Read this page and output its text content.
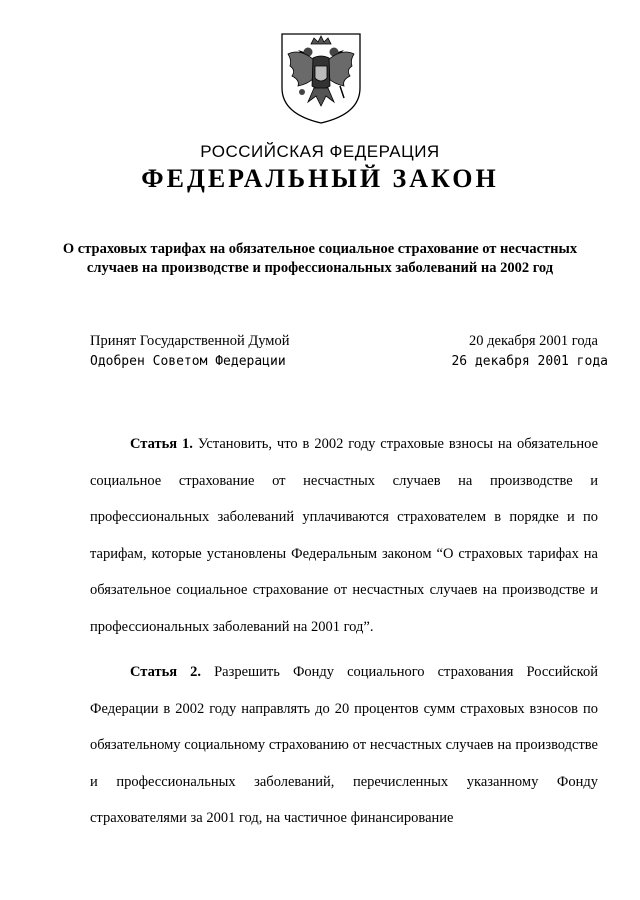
РОССИЙСКАЯ ФЕДЕРАЦИЯ
ФЕДЕРАЛЬНЫЙ ЗАКОН
О страховых тарифах на обязательное социальное страхование от несчастных случаев на производстве и профессиональных заболеваний на 2002 год
Принят Государственной Думой	20 декабря 2001 года
Одобрен Советом Федерации	26 декабря 2001 года

Статья 1. Установить, что в 2002 году страховые взносы на обязательное социальное страхование от несчастных случаев на производстве и профессиональных заболеваний уплачиваются страхователем в порядке и по тарифам, которые установлены Федеральным законом “О страховых тарифах на обязательное социальное страхование от несчастных случаев на производстве и профессиональных заболеваний на 2001 год”.

Статья 2. Разрешить Фонду социального страхования Российской Федерации в 2002 году направлять до 20 процентов сумм страховых взносов по обязательному социальному страхованию от несчастных случаев на производстве и профессиональных заболеваний, перечисленных указанному Фонду страхователями за 2001 год, на частичное финансирование
